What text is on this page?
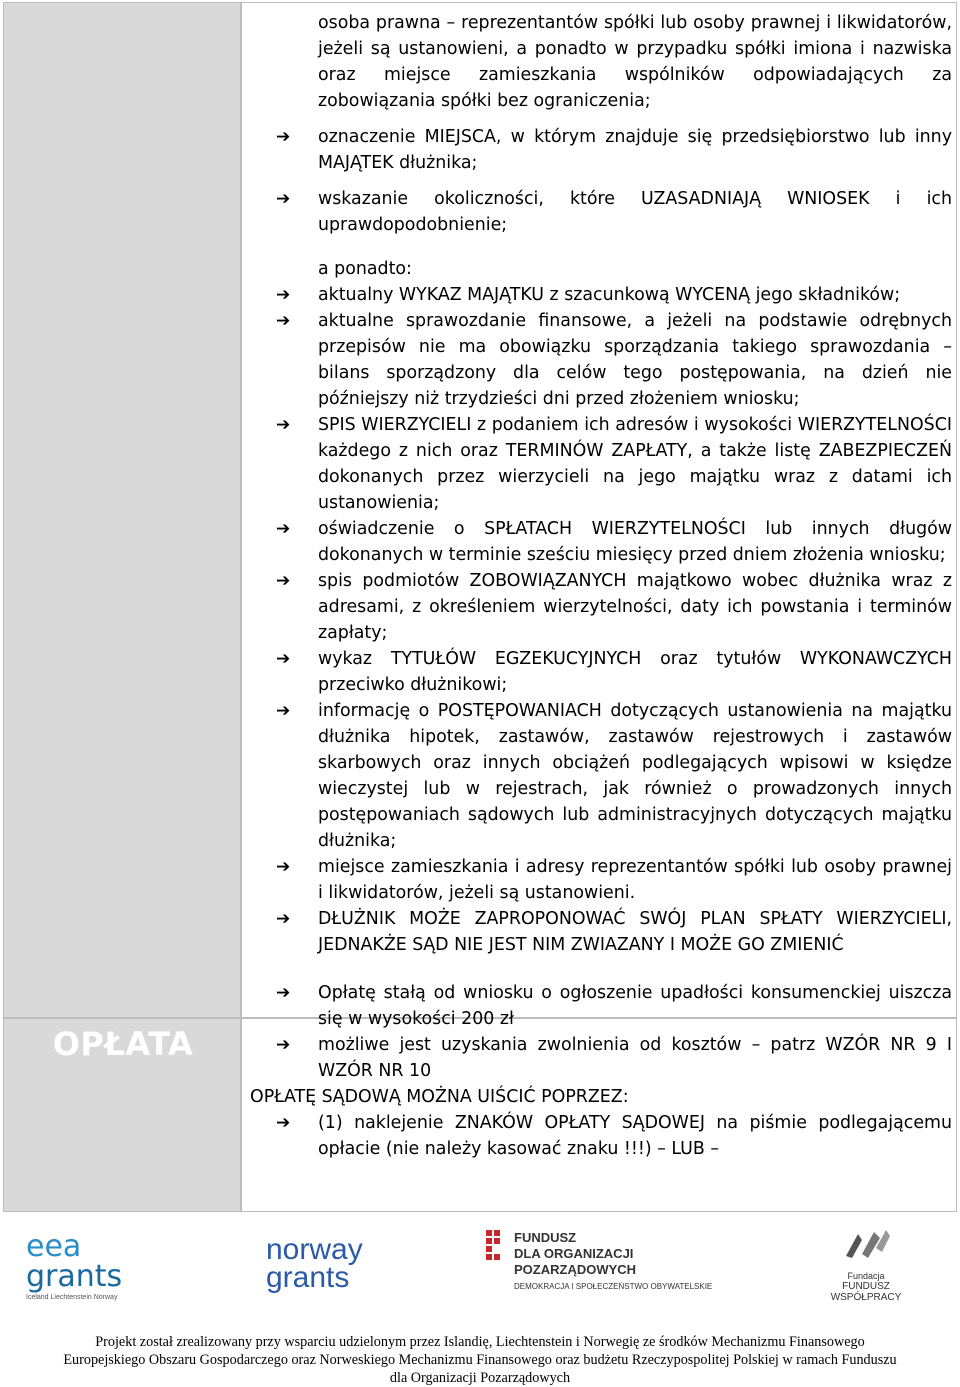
OPŁATA
osoba prawna – reprezentantów spółki lub osoby prawnej i likwidatorów, jeżeli są ustanowieni, a ponadto w przypadku spółki imiona i nazwiska oraz miejsce zamieszkania wspólników odpowiadających za zobowiązania spółki bez ograniczenia;
➔ oznaczenie MIEJSCA, w którym znajduje się przedsiębiorstwo lub inny MAJĄTEK dłużnika;
➔ wskazanie okoliczności, które UZASADNIAJĄ WNIOSEK i ich uprawdopodobnienie;
a ponadto:
➔ aktualny WYKAZ MAJĄTKU z szacunkową WYCENĄ jego składników;
➔ aktualne sprawozdanie finansowe, a jeżeli na podstawie odrębnych przepisów nie ma obowiązku sporządzania takiego sprawozdania – bilans sporządzony dla celów tego postępowania, na dzień nie późniejszy niż trzydzieści dni przed złożeniem wniosku;
➔ SPIS WIERZYCIELI z podaniem ich adresów i wysokości WIERZYTELNOŚCI każdego z nich oraz TERMINÓW ZAPŁATY, a także listę ZABEZPIECZEŃ dokonanych przez wierzycieli na jego majątku wraz z datami ich ustanowienia;
➔ oświadczenie o SPŁATACH WIERZYTELNOŚCI lub innych długów dokonanych w terminie sześciu miesięcy przed dniem złożenia wniosku;
➔ spis podmiotów ZOBOWIĄZANYCH majątkowo wobec dłużnika wraz z adresami, z określeniem wierzytelności, daty ich powstania i terminów zapłaty;
➔ wykaz TYTUŁÓW EGZEKUCYJNYCH oraz tytułów WYKONAWCZYCH przeciwko dłużnikowi;
➔ informację o POSTĘPOWANIACH dotyczących ustanowienia na majątku dłużnika hipotek, zastawów, zastawów rejestrowych i zastawów skarbowych oraz innych obciążeń podlegających wpisowi w księdze wieczystej lub w rejestrach, jak również o prowadzonych innych postępowaniach sądowych lub administracyjnych dotyczących majątku dłużnika;
➔ miejsce zamieszkania i adresy reprezentantów spółki lub osoby prawnej i likwidatorów, jeżeli są ustanowieni.
➔ DŁUŻNIK MOŻE ZAPROPONOWAĆ SWÓJ PLAN SPŁATY WIERZYCIELI, JEDNAKŻE SĄD NIE JEST NIM ZWIAZANY I MOŻE GO ZMIENIĆ
➔ Opłatę stałą od wniosku o ogłoszenie upadłości konsumenckiej uiszcza się w wysokości 200 zł
➔ możliwe jest uzyskania zwolnienia od kosztów – patrz WZÓR NR 9 I WZÓR NR 10
OPŁATĘ SĄDOWĄ MOŻNA UIŚCIĆ POPRZEZ:
➔ (1) naklejenie ZNAKÓW OPŁATY SĄDOWEJ na piśmie podlegającemu opłacie (nie należy kasować znaku !!!) – LUB –
eea
grants
Iceland Liechtenstein Norway
norway
grants
FUNDUSZ
DLA ORGANIZACJI
POZARZĄDOWYCH
DEMOKRACJA I SPOŁECZEŃSTWO OBYWATELSKIE
Fundacja
FUNDUSZ WSPÓŁPRACY
Projekt został zrealizowany przy wsparciu udzielonym przez Islandię, Liechtenstein i Norwegię ze środków Mechanizmu Finansowego
Europejskiego Obszaru Gospodarczego oraz Norweskiego Mechanizmu Finansowego oraz budżetu Rzeczypospolitej Polskiej w ramach Funduszu
dla Organizacji Pozarządowych
